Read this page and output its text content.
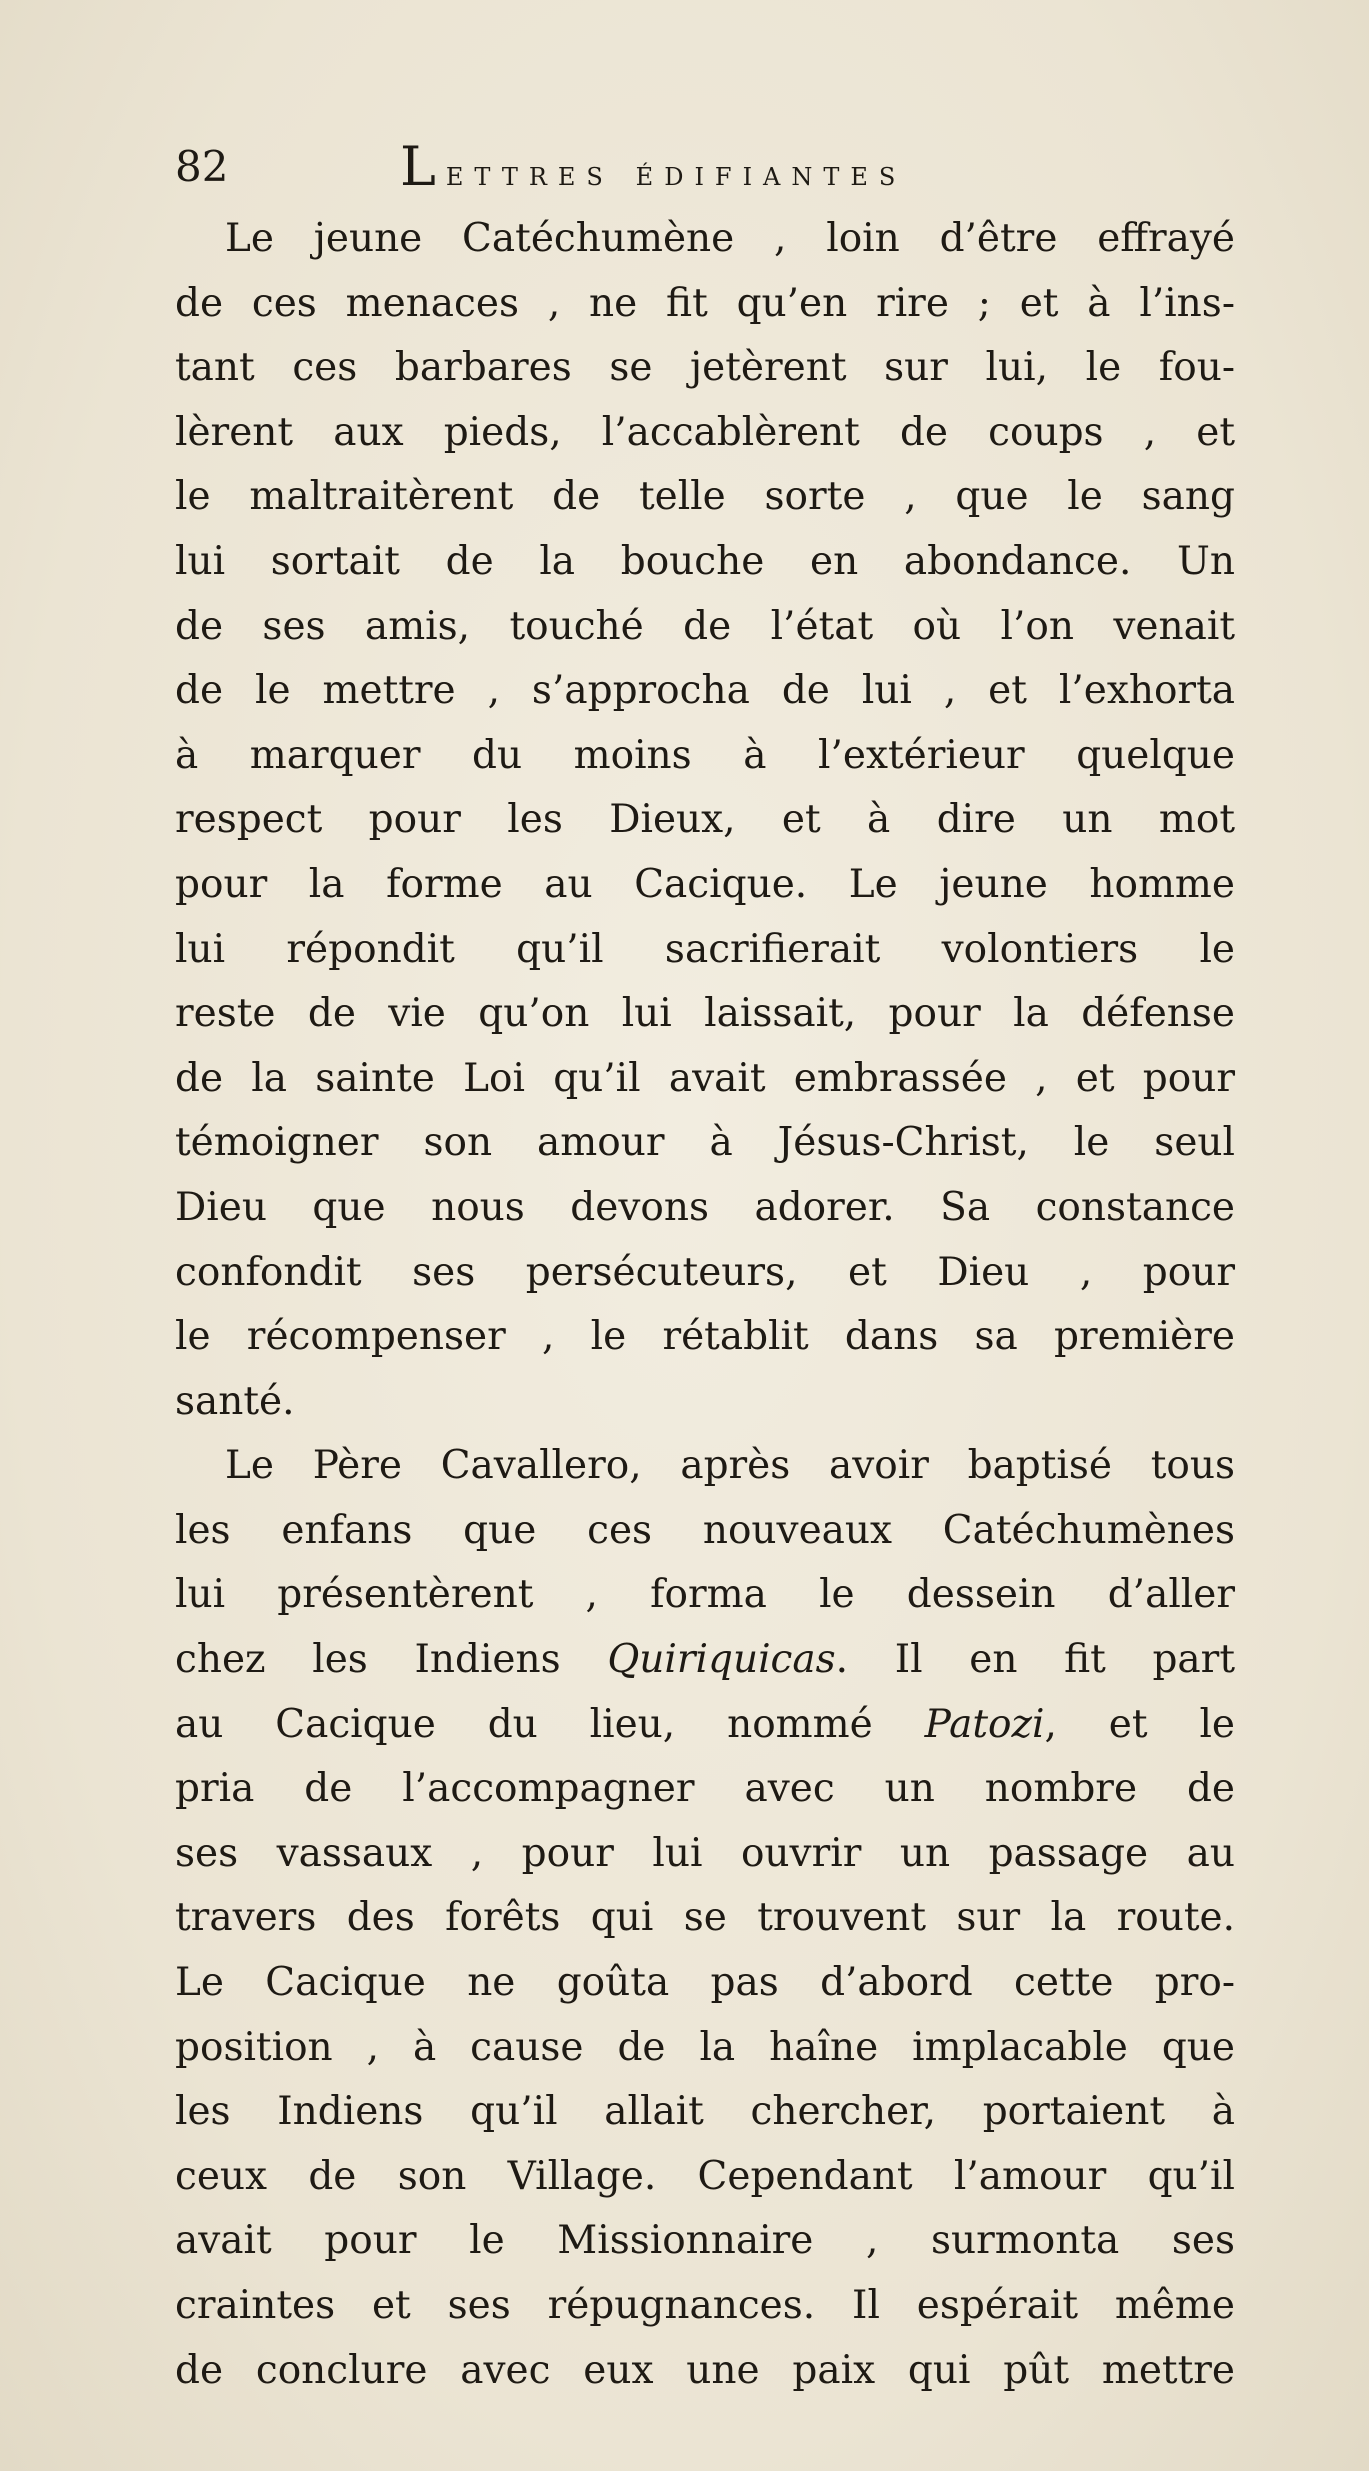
82	Lettres édifiantes
Le jeune Catéchumène , loin d’être effrayé
de ces menaces , ne fit qu’en rire ; et à l’ins-
tant ces barbares se jetèrent sur lui, le fou-
lèrent aux pieds, l’accablèrent de coups , et
le maltraitèrent de telle sorte , que le sang
lui sortait de la bouche en abondance. Un
de ses amis, touché de l’état où l’on venait
de le mettre , s’approcha de lui , et l’exhorta
à marquer du moins à l’extérieur quelque
respect pour les Dieux, et à dire un mot
pour la forme au Cacique. Le jeune homme
lui répondit qu’il sacrifierait volontiers le
reste de vie qu’on lui laissait, pour la défense
de la sainte Loi qu’il avait embrassée , et pour
témoigner son amour à Jésus-Christ, le seul
Dieu que nous devons adorer. Sa constance
confondit ses persécuteurs, et Dieu , pour
le récompenser , le rétablit dans sa première
santé.
Le Père Cavallero, après avoir baptisé tous
les enfans que ces nouveaux Catéchumènes
lui présentèrent , forma le dessein d’aller
chez les Indiens Quiriquicas. Il en fit part
au Cacique du lieu, nommé Patozi, et le
pria de l’accompagner avec un nombre de
ses vassaux , pour lui ouvrir un passage au
travers des forêts qui se trouvent sur la route.
Le Cacique ne goûta pas d’abord cette pro-
position , à cause de la haîne implacable que
les Indiens qu’il allait chercher, portaient à
ceux de son Village. Cependant l’amour qu’il
avait pour le Missionnaire , surmonta ses
craintes et ses répugnances. Il espérait même
de conclure avec eux une paix qui pût mettre
